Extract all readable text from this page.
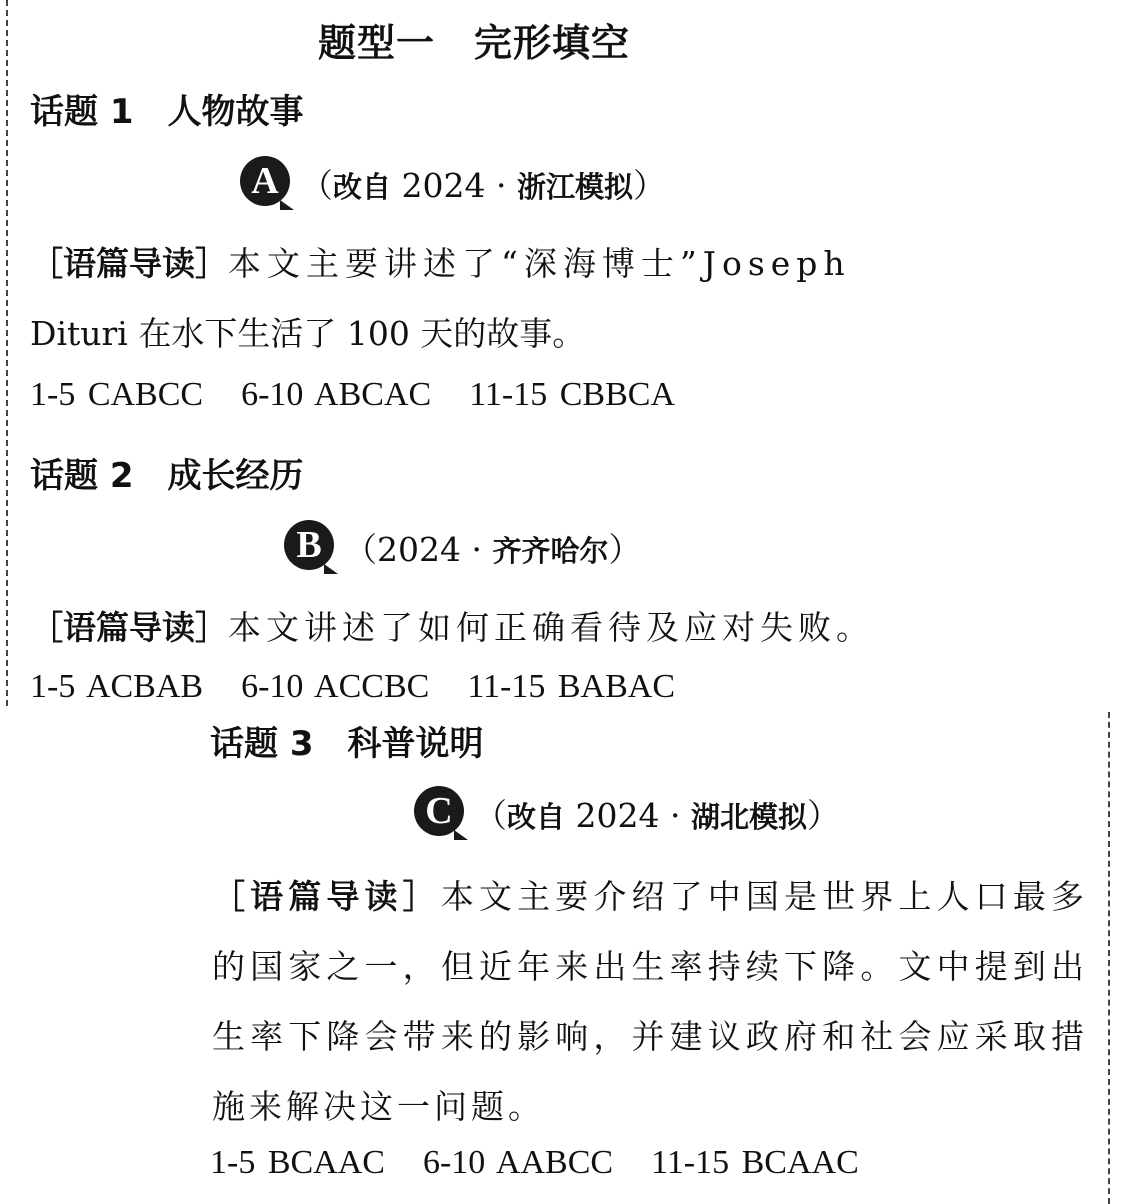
题型一　完形填空
话题 1　人物故事
A （改自 2024 · 浙江模拟）
［语篇导读］本文主要讲述了“深海博士”Joseph
Dituri 在水下生活了 100 天的故事。
1-5 CABCC 6-10 ABCAC 11-15 CBBCA
话题 2　成长经历
B （2024 · 齐齐哈尔）
［语篇导读］本文讲述了如何正确看待及应对失败。
1-5 ACBAB 6-10 ACCBC 11-15 BABAC
话题 3　科普说明
C （改自 2024 · 湖北模拟）
［语篇导读］本文主要介绍了中国是世界上人口最多的国家之一，但近年来出生率持续下降。文中提到出生率下降会带来的影响，并建议政府和社会应采取措施来解决这一问题。
1-5 BCAAC 6-10 AABCC 11-15 BCAAC
